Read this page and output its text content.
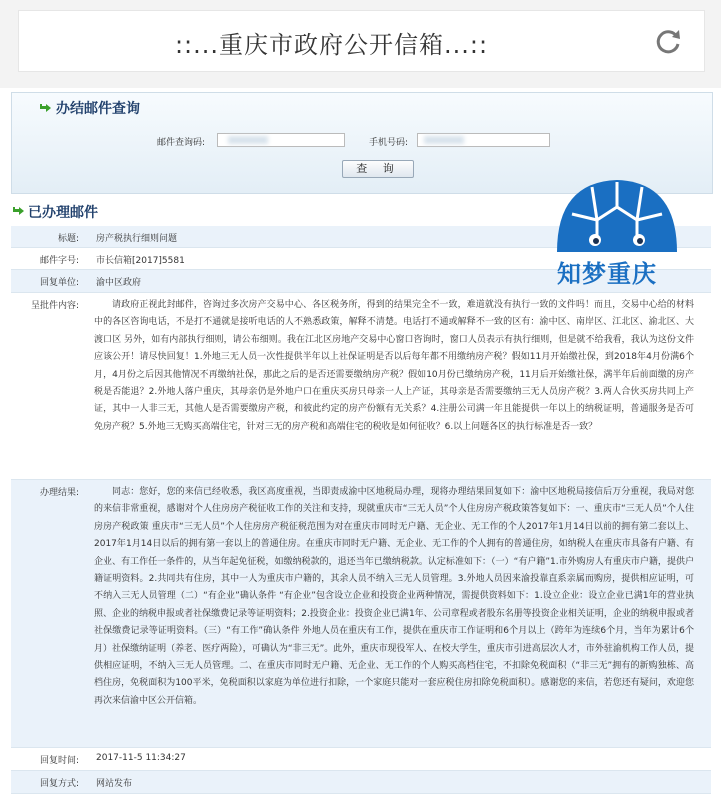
::...重庆市政府公开信箱...::
办结邮件查询
邮件查询码:	手机号码:
查 询
已办理邮件
标题: 房产税执行细则问题
邮件字号: 市长信箱[2017]5581
回复单位: 渝中区政府
呈批件内容:	请政府正视此封邮件，咨询过多次房产交易中心、各区税务所，得到的结果完全不一致，难道就没有执行一致的文件吗！而且，交易中心给的材料中的各区咨询电话，不是打不通就是接听电话的人不熟悉政策，解释不清楚。电话打不通或解释不一致的区有：渝中区、南岸区、江北区、渝北区、大渡口区 另外，如有内部执行细则，请公布细则。我在江北区房地产交易中心窗口咨询时，窗口人员表示有执行细则，但是就不给我看，我认为这份文件应该公开！请尽快回复！1.外地三无人员一次性提供半年以上社保证明是否以后每年都不用缴纳房产税？假如11月开始缴社保，到2018年4月份满6个月，4月份之后因其他情况不再缴纳社保，那此之后的是否还需要缴纳房产税？假如10月份已缴纳房产税，11月后开始缴社保，满半年后前面缴的房产税是否能退？2.外地人落户重庆，其母亲仍是外地户口在重庆买房只母亲一人上产证，其母亲是否需要缴纳三无人员房产税？3.两人合伙买房共同上产证，其中一人非三无，其他人是否需要缴房产税，和彼此约定的房产份额有无关系？4.注册公司满一年且能提供一年以上的纳税证明，普通服务是否可免房产税？5.外地三无购买高端住宅，针对三无的房产税和高端住宅的税收是如何征收？6.以上问题各区的执行标准是否一致？
办理结果:	同志：您好，您的来信已经收悉，我区高度重视，当即责成渝中区地税局办理，现将办理结果回复如下：渝中区地税局接信后万分重视，我局对您的来信非常重视，感谢对个人住房房产税征收工作的关注和支持，现就重庆市“三无人员”个人住房房产税政策答复如下：一、重庆市“三无人员”个人住房房产税政策 重庆市“三无人员”个人住房房产税征税范围为对在重庆市同时无户籍、无企业、无工作的个人2017年1月14日以前的拥有第二套以上、2017年1月14日以后的拥有第一套以上的普通住房。在重庆市同时无户籍、无企业、无工作的个人拥有的普通住房，如纳税人在重庆市具备有户籍、有企业、有工作任一条件的，从当年起免征税，如缴纳税款的，退还当年已缴纳税款。认定标准如下：（一）“有户籍”1.市外购房人有重庆市户籍，提供户籍证明资料。2.共同共有住房，其中一人为重庆市户籍的，其余人员不纳入三无人员管理。3.外地人员因来渝投靠直系亲属而购房，提供相应证明，可不纳入三无人员管理（二）“有企业”确认条件 “有企业”包含设立企业和投资企业两种情况，需提供资料如下：1.设立企业：设立企业已满1年的营业执照、企业的纳税申报或者社保缴费记录等证明资料；2.投资企业：投资企业已满1年、公司章程或者股东名册等投资企业相关证明，企业的纳税申报或者社保缴费记录等证明资料。（三）“有工作”确认条件 外地人员在重庆有工作，提供在重庆市工作证明和6个月以上（跨年为连续6个月，当年为累计6个月）社保缴纳证明（养老、医疗两险），可确认为“非三无”。此外，重庆市现役军人、在校大学生，重庆市引进高层次人才，市外驻渝机构工作人员，提供相应证明，不纳入三无人员管理。二、在重庆市同时无户籍、无企业、无工作的个人购买高档住宅，不扣除免税面积（“非三无”拥有的新购独栋、高档住房，免税面积为100平米，免税面积以家庭为单位进行扣除，一个家庭只能对一套应税住房扣除免税面积）。感谢您的来信，若您还有疑问，欢迎您再次来信渝中区公开信箱。
回复时间: 2017-11-5 11:34:27
回复方式: 网站发布
知梦重庆
